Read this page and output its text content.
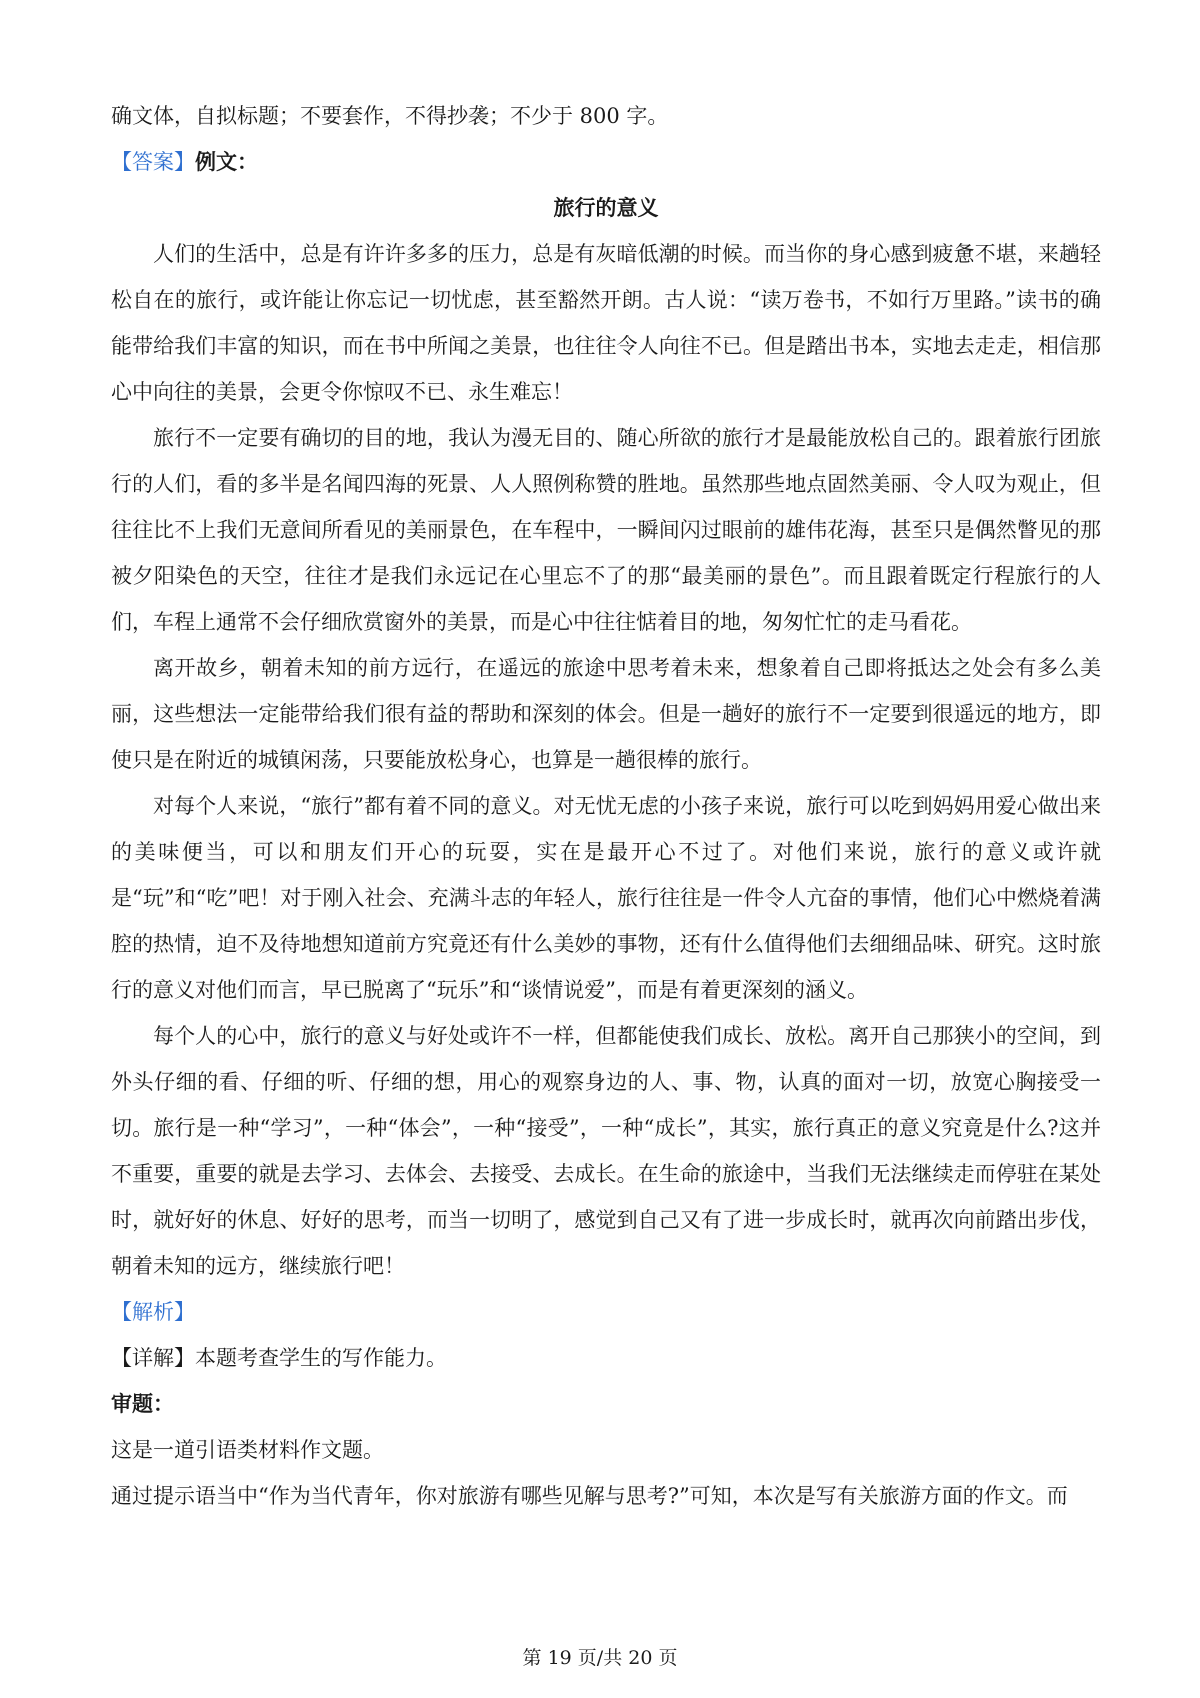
确文体，自拟标题；不要套作，不得抄袭；不少于 800 字。

【答案】例文：

旅行的意义

人们的生活中，总是有许许多多的压力，总是有灰暗低潮的时候。而当你的身心感到疲惫不堪，来趟轻松自在的旅行，或许能让你忘记一切忧虑，甚至豁然开朗。古人说：“读万卷书，不如行万里路。”读书的确能带给我们丰富的知识，而在书中所闻之美景，也往往令人向往不已。但是踏出书本，实地去走走，相信那心中向往的美景，会更令你惊叹不已、永生难忘！

旅行不一定要有确切的目的地，我认为漫无目的、随心所欲的旅行才是最能放松自己的。跟着旅行团旅行的人们，看的多半是名闻四海的死景、人人照例称赞的胜地。虽然那些地点固然美丽、令人叹为观止，但往往比不上我们无意间所看见的美丽景色，在车程中，一瞬间闪过眼前的雄伟花海，甚至只是偶然瞥见的那被夕阳染色的天空，往往才是我们永远记在心里忘不了的那“最美丽的景色”。而且跟着既定行程旅行的人们，车程上通常不会仔细欣赏窗外的美景，而是心中往往惦着目的地，匆匆忙忙的走马看花。

离开故乡，朝着未知的前方远行，在遥远的旅途中思考着未来，想象着自己即将抵达之处会有多么美丽，这些想法一定能带给我们很有益的帮助和深刻的体会。但是一趟好的旅行不一定要到很遥远的地方，即使只是在附近的城镇闲荡，只要能放松身心，也算是一趟很棒的旅行。

对每个人来说，“旅行”都有着不同的意义。对无忧无虑的小孩子来说，旅行可以吃到妈妈用爱心做出来的美味便当，可以和朋友们开心的玩耍，实在是最开心不过了。对他们来说，旅行的意义或许就是“玩”和“吃”吧！对于刚入社会、充满斗志的年轻人，旅行往往是一件令人亢奋的事情，他们心中燃烧着满腔的热情，迫不及待地想知道前方究竟还有什么美妙的事物，还有什么值得他们去细细品味、研究。这时旅行的意义对他们而言，早已脱离了“玩乐”和“谈情说爱”，而是有着更深刻的涵义。

每个人的心中，旅行的意义与好处或许不一样，但都能使我们成长、放松。离开自己那狭小的空间，到外头仔细的看、仔细的听、仔细的想，用心的观察身边的人、事、物，认真的面对一切，放宽心胸接受一切。旅行是一种“学习”，一种“体会”，一种“接受”，一种“成长”，其实，旅行真正的意义究竟是什么?这并不重要，重要的就是去学习、去体会、去接受、去成长。在生命的旅途中，当我们无法继续走而停驻在某处时，就好好的休息、好好的思考，而当一切明了，感觉到自己又有了进一步成长时，就再次向前踏出步伐，朝着未知的远方，继续旅行吧！

【解析】

【详解】本题考查学生的写作能力。

审题：

这是一道引语类材料作文题。

通过提示语当中“作为当代青年，你对旅游有哪些见解与思考?”可知，本次是写有关旅游方面的作文。而

第 19 页/共 20 页
